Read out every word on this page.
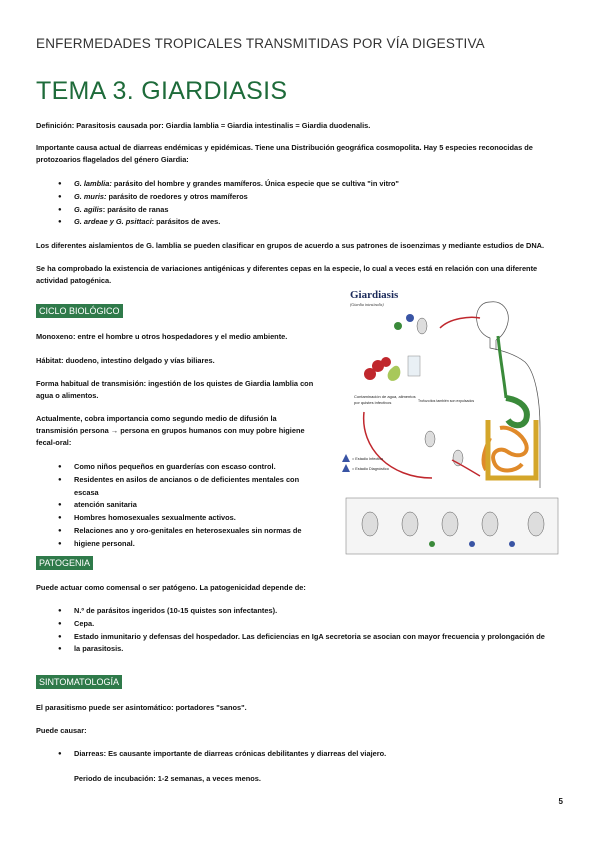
ENFERMEDADES TROPICALES TRANSMITIDAS POR VÍA DIGESTIVA
TEMA 3. GIARDIASIS
Definición: Parasitosis causada por: Giardia lamblia = Giardia intestinalis = Giardia duodenalis.
Importante causa actual de diarreas endémicas y epidémicas. Tiene una Distribución geográfica cosmopolita. Hay 5 especies reconocidas de
protozoarios flagelados del género Giardia:
● G. lamblia: parásito del hombre y grandes mamíferos. Única especie que se cultiva "in vitro"
● G. muris: parásito de roedores y otros mamíferos
● G. agilis: parásito de ranas
● G. ardeae y G. psittaci: parásitos de aves.
Los diferentes aislamientos de G. lamblia se pueden clasificar en grupos de acuerdo a sus patrones de isoenzimas y mediante estudios de DNA.
Se ha comprobado la existencia de variaciones antigénicas y diferentes cepas en la especie, lo cual a veces está en relación con una diferente
actividad patogénica.
CICLO BIOLÓGICO
Monoxeno: entre el hombre u otros hospedadores y el medio ambiente.
Hábitat: duodeno, intestino delgado y vías biliares.
Forma habitual de transmisión: ingestión de los quistes de Giardia lamblia con
agua o alimentos.
Actualmente, cobra importancia como segundo medio de difusión la
transmisión persona → persona en grupos humanos con muy pobre higiene
fecal-oral:
● Como niños pequeños en guarderías con escaso control.
● Residentes en asilos de ancianos o de deficientes mentales con escasa
● atención sanitaria
● Hombres homosexuales sexualmente activos.
● Relaciones ano y oro-genitales en heterosexuales sin normas de
● higiene personal.
PATOGENIA
Puede actuar como comensal o ser patógeno. La patogenicidad depende de:
● N.º de parásitos ingeridos (10-15 quistes son infectantes).
● Cepa.
● Estado inmunitario y defensas del hospedador. Las deficiencias en IgA secretoria se asocian con mayor frecuencia y prolongación de
● la parasitosis.
SINTOMATOLOGÍA
El parasitismo puede ser asintomático: portadores "sanos".
Puede causar:
● Diarreas: Es causante importante de diarreas crónicas debilitantes y diarreas del viajero.
Periodo de incubación: 1-2 semanas, a veces menos.
5
Giardiasis
(Giardia intestinalis)
Contaminación de agua, alimentos
por quistes infectivos	Trofozoítos también son expulsados
= Estadio Infectivo
= Estadio Diagnóstico
